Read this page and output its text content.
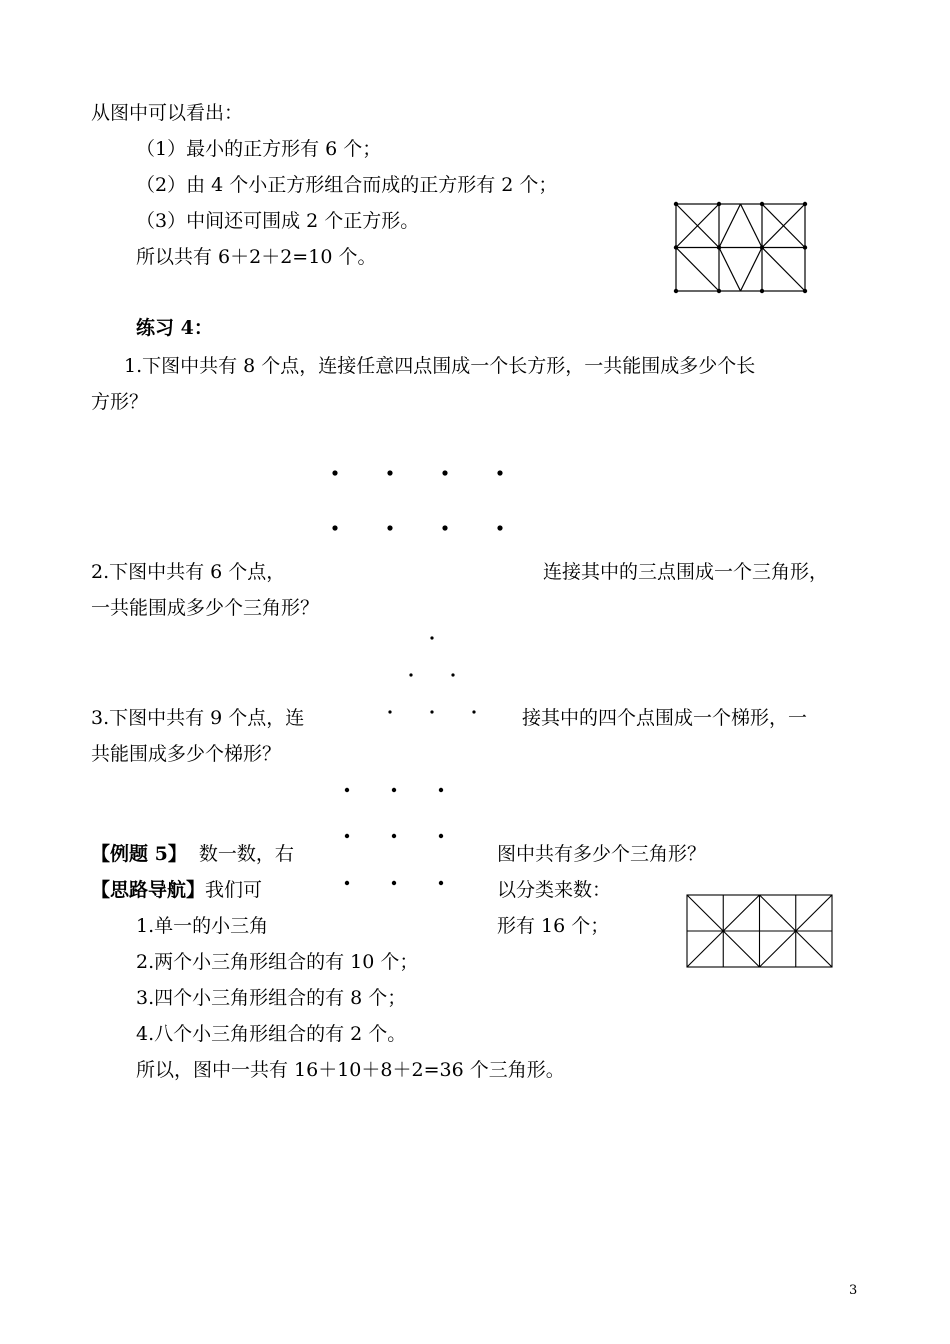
从图中可以看出：
（1）最小的正方形有 6 个；
（2）由 4 个小正方形组合而成的正方形有 2 个；
（3）中间还可围成 2 个正方形。
所以共有 6＋2＋2=10 个。
练习 4：
1.下图中共有 8 个点，连接任意四点围成一个长方形，一共能围成多少个长
方形？
2.下图中共有 6 个点，	连接其中的三点围成一个三角形，
一共能围成多少个三角形？
3.下图中共有 9 个点，连	接其中的四个点围成一个梯形，一
共能围成多少个梯形？
【例题 5】 数一数，右	图中共有多少个三角形？
【思路导航】我们可	以分类来数：
1.单一的小三角	形有 16 个；
2.两个小三角形组合的有 10 个；
3.四个小三角形组合的有 8 个；
4.八个小三角形组合的有 2 个。
所以，图中一共有 16＋10＋8＋2=36 个三角形。
3
